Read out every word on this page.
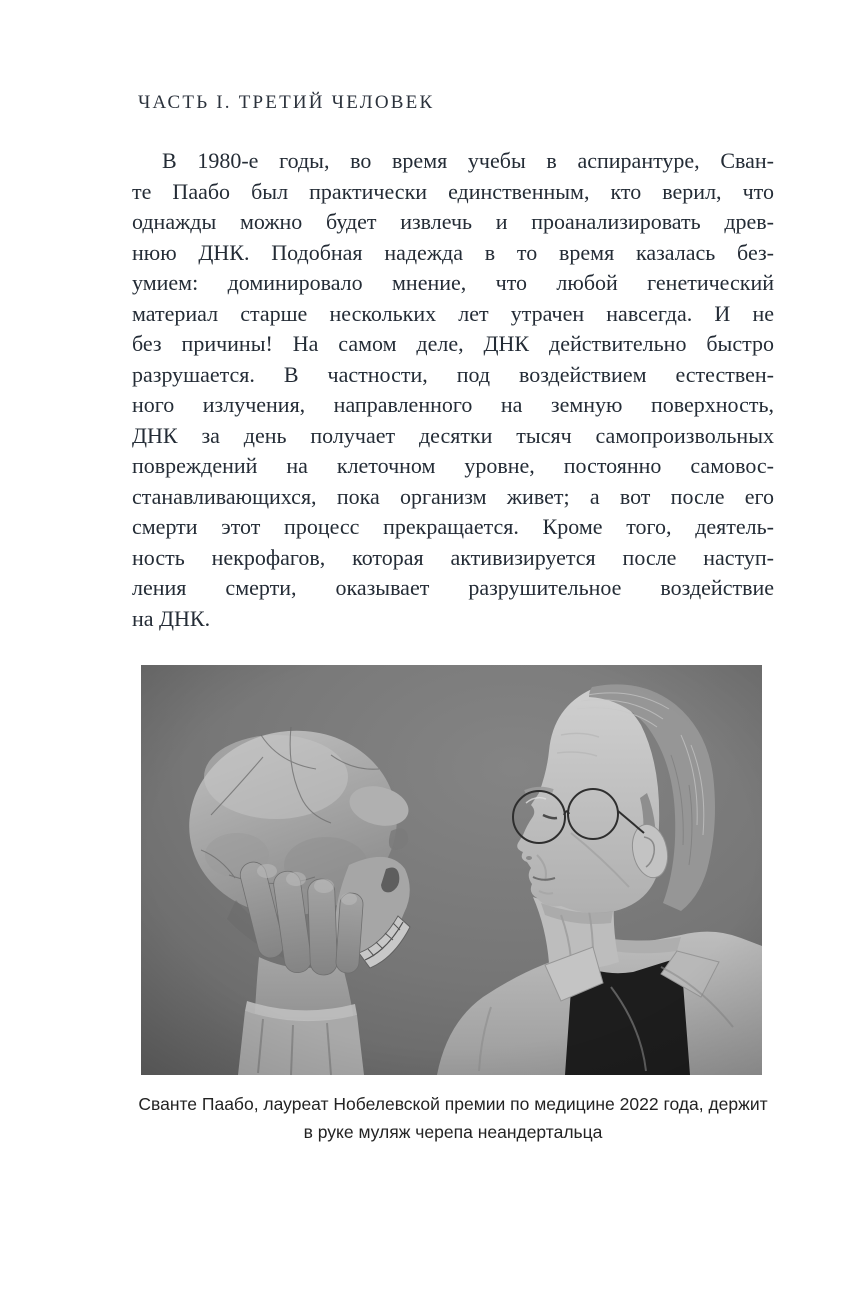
ЧАСТЬ I. ТРЕТИЙ ЧЕЛОВЕК
В 1980-е годы, во время учебы в аспирантуре, Сван-
те Паабо был практически единственным, кто верил, что
однажды можно будет извлечь и проанализировать древ-
нюю ДНК. Подобная надежда в то время казалась без-
умием: доминировало мнение, что любой генетический
материал старше нескольких лет утрачен навсегда. И не
без причины! На самом деле, ДНК действительно быстро
разрушается. В частности, под воздействием естествен-
ного излучения, направленного на земную поверхность,
ДНК за день получает десятки тысяч самопроизвольных
повреждений на клеточном уровне, постоянно самовос-
станавливающихся, пока организм живет; а вот после его
смерти этот процесс прекращается. Кроме того, деятель-
ность некрофагов, которая активизируется после наступ-
ления смерти, оказывает разрушительное воздействие
на ДНК.
Сванте Паабо, лауреат Нобелевской премии по медицине 2022 года, держит
в руке муляж черепа неандертальца
